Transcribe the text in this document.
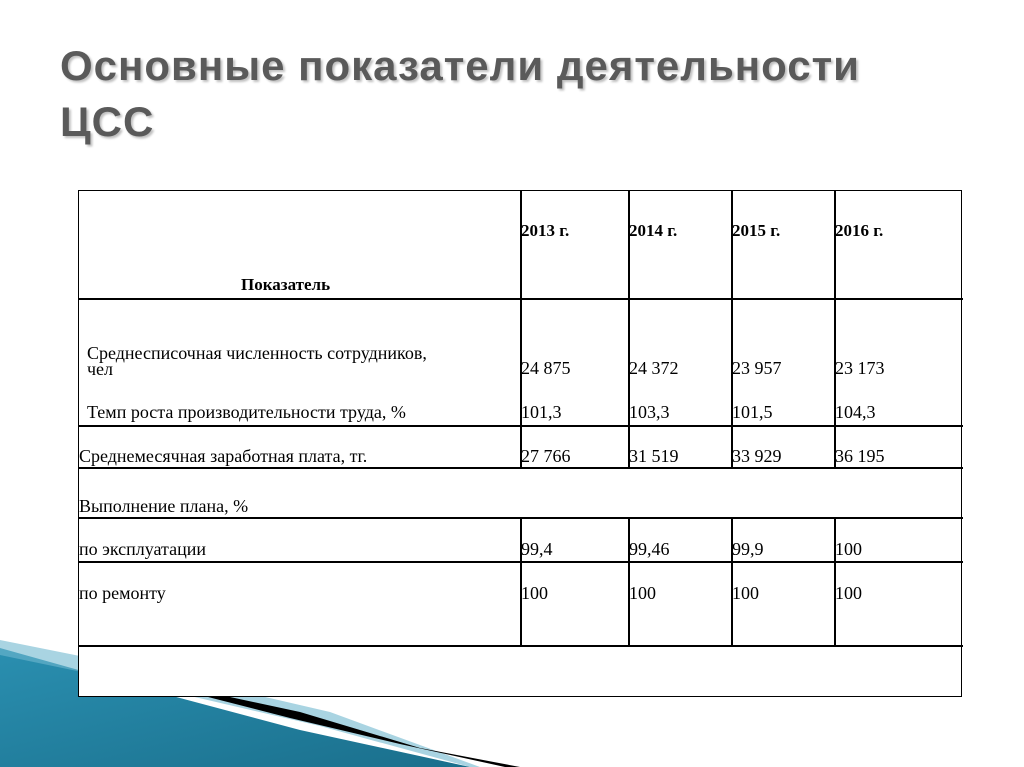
Основные показатели деятельности ЦСС
Показатель
2013 г.	2014 г.	2015 г.	2016 г.
Среднесписочная численность сотрудников,
чел	24 875	24 372	23 957	23 173
Темп роста производительности труда, %	101,3	103,3	101,5	104,3
Среднемесячная заработная плата, тг.	27 766	31 519	33 929	36 195
Выполнение плана, %
по эксплуатации	99,4	99,46	99,9	100
по ремонту	100	100	100	100
